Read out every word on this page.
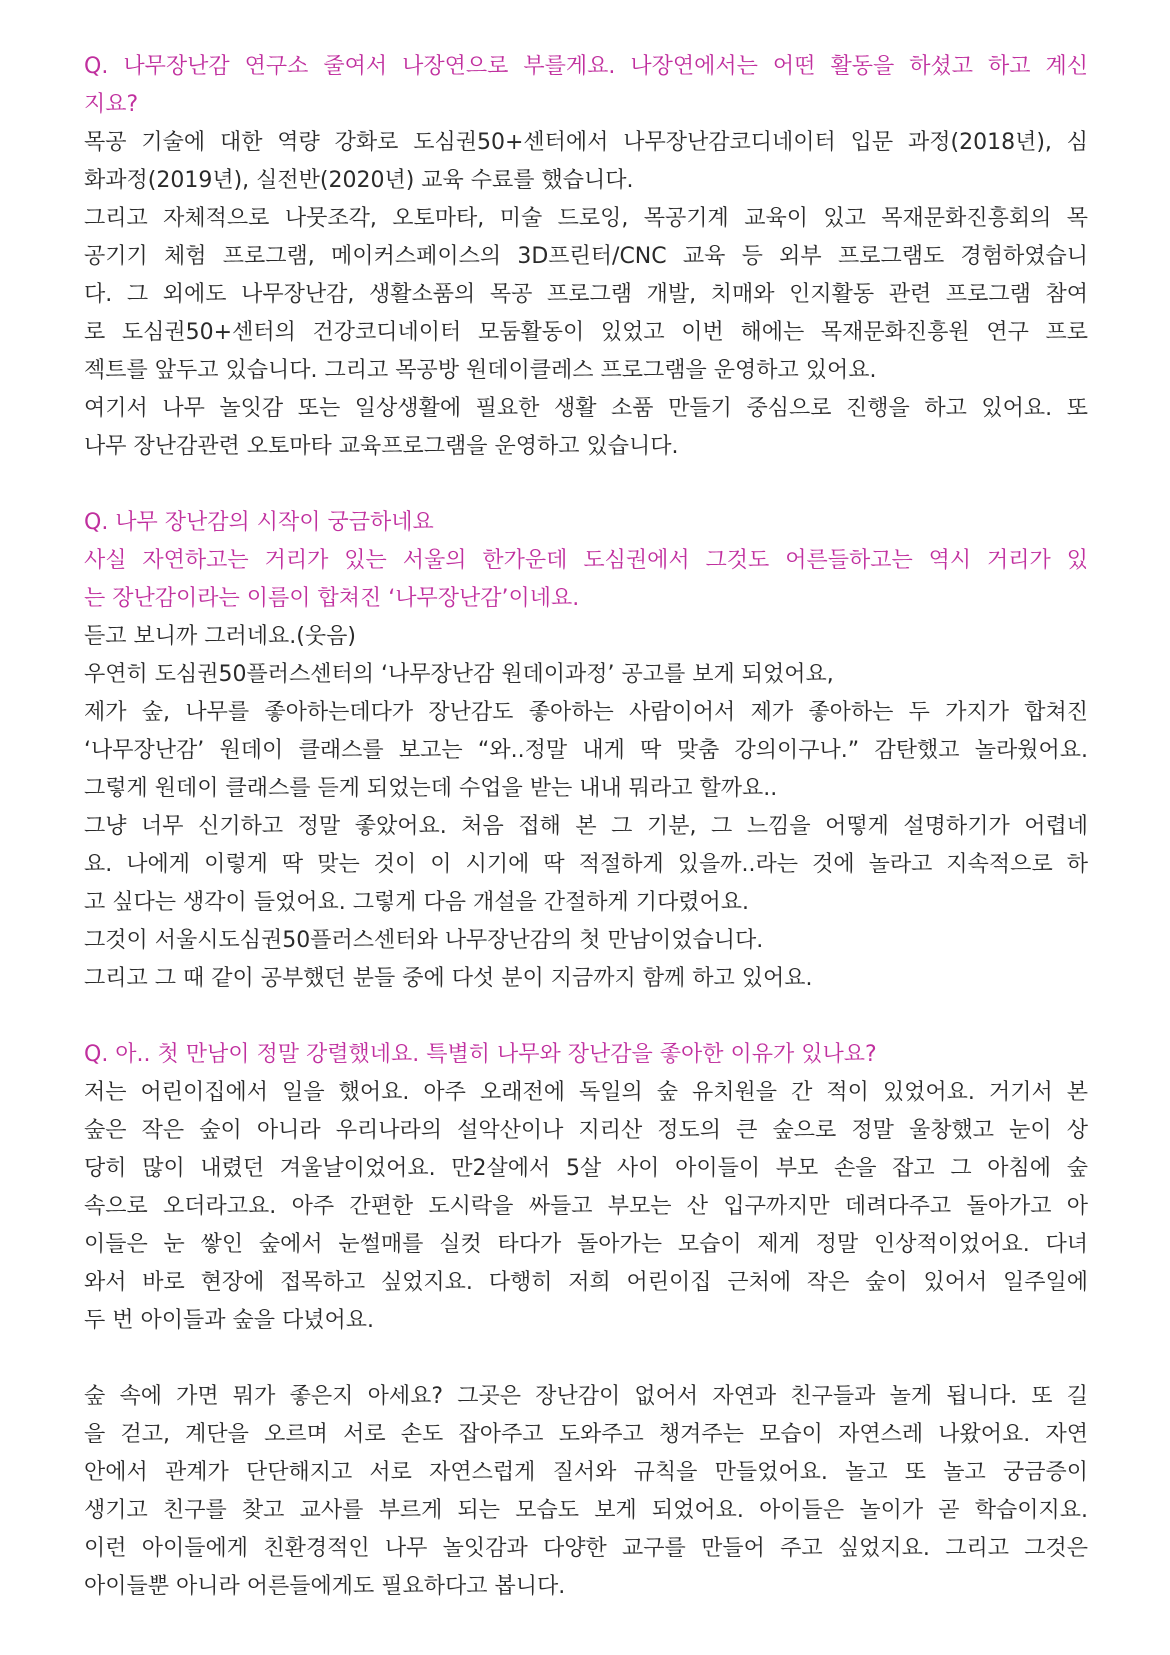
Q. 나무장난감 연구소 줄여서 나장연으로 부를게요. 나장연에서는 어떤 활동을 하셨고 하고 계신
지요?
목공 기술에 대한 역량 강화로 도심권50+센터에서 나무장난감코디네이터 입문 과정(2018년), 심
화과정(2019년), 실전반(2020년) 교육 수료를 했습니다.
그리고 자체적으로 나뭇조각, 오토마타, 미술 드로잉, 목공기계 교육이 있고 목재문화진흥회의 목
공기기 체험 프로그램, 메이커스페이스의 3D프린터/CNC 교육 등 외부 프로그램도 경험하였습니
다. 그 외에도 나무장난감, 생활소품의 목공 프로그램 개발, 치매와 인지활동 관련 프로그램 참여
로 도심권50+센터의 건강코디네이터 모둠활동이 있었고 이번 해에는 목재문화진흥원 연구 프로
젝트를 앞두고 있습니다. 그리고 목공방 원데이클레스 프로그램을 운영하고 있어요.
여기서 나무 놀잇감 또는 일상생활에 필요한 생활 소품 만들기 중심으로 진행을 하고 있어요. 또
나무 장난감관련 오토마타 교육프로그램을 운영하고 있습니다.
Q. 나무 장난감의 시작이 궁금하네요
사실 자연하고는 거리가 있는 서울의 한가운데 도심권에서 그것도 어른들하고는 역시 거리가 있
는 장난감이라는 이름이 합쳐진 ‘나무장난감’이네요.
듣고 보니까 그러네요.(웃음)
우연히 도심권50플러스센터의 ‘나무장난감 원데이과정’ 공고를 보게 되었어요,
제가 숲, 나무를 좋아하는데다가 장난감도 좋아하는 사람이어서 제가 좋아하는 두 가지가 합쳐진
‘나무장난감’ 원데이 클래스를 보고는 “와..정말 내게 딱 맞춤 강의이구나.” 감탄했고 놀라웠어요.
그렇게 원데이 클래스를 듣게 되었는데 수업을 받는 내내 뭐라고 할까요..
그냥 너무 신기하고 정말 좋았어요. 처음 접해 본 그 기분, 그 느낌을 어떻게 설명하기가 어렵네
요. 나에게 이렇게 딱 맞는 것이 이 시기에 딱 적절하게 있을까..라는 것에 놀라고 지속적으로 하
고 싶다는 생각이 들었어요. 그렇게 다음 개설을 간절하게 기다렸어요.
그것이 서울시도심권50플러스센터와 나무장난감의 첫 만남이었습니다.
그리고 그 때 같이 공부했던 분들 중에 다섯 분이 지금까지 함께 하고 있어요.
Q. 아.. 첫 만남이 정말 강렬했네요. 특별히 나무와 장난감을 좋아한 이유가 있나요?
저는 어린이집에서 일을 했어요. 아주 오래전에 독일의 숲 유치원을 간 적이 있었어요. 거기서 본
숲은 작은 숲이 아니라 우리나라의 설악산이나 지리산 정도의 큰 숲으로 정말 울창했고 눈이 상
당히 많이 내렸던 겨울날이었어요. 만2살에서 5살 사이 아이들이 부모 손을 잡고 그 아침에 숲
속으로 오더라고요. 아주 간편한 도시락을 싸들고 부모는 산 입구까지만 데려다주고 돌아가고 아
이들은 눈 쌓인 숲에서 눈썰매를 실컷 타다가 돌아가는 모습이 제게 정말 인상적이었어요. 다녀
와서 바로 현장에 접목하고 싶었지요. 다행히 저희 어린이집 근처에 작은 숲이 있어서 일주일에
두 번 아이들과 숲을 다녔어요.
숲 속에 가면 뭐가 좋은지 아세요? 그곳은 장난감이 없어서 자연과 친구들과 놀게 됩니다. 또 길
을 걷고, 계단을 오르며 서로 손도 잡아주고 도와주고 챙겨주는 모습이 자연스레 나왔어요. 자연
안에서 관계가 단단해지고 서로 자연스럽게 질서와 규칙을 만들었어요. 놀고 또 놀고 궁금증이
생기고 친구를 찾고 교사를 부르게 되는 모습도 보게 되었어요. 아이들은 놀이가 곧 학습이지요.
이런 아이들에게 친환경적인 나무 놀잇감과 다양한 교구를 만들어 주고 싶었지요. 그리고 그것은
아이들뿐 아니라 어른들에게도 필요하다고 봅니다.
